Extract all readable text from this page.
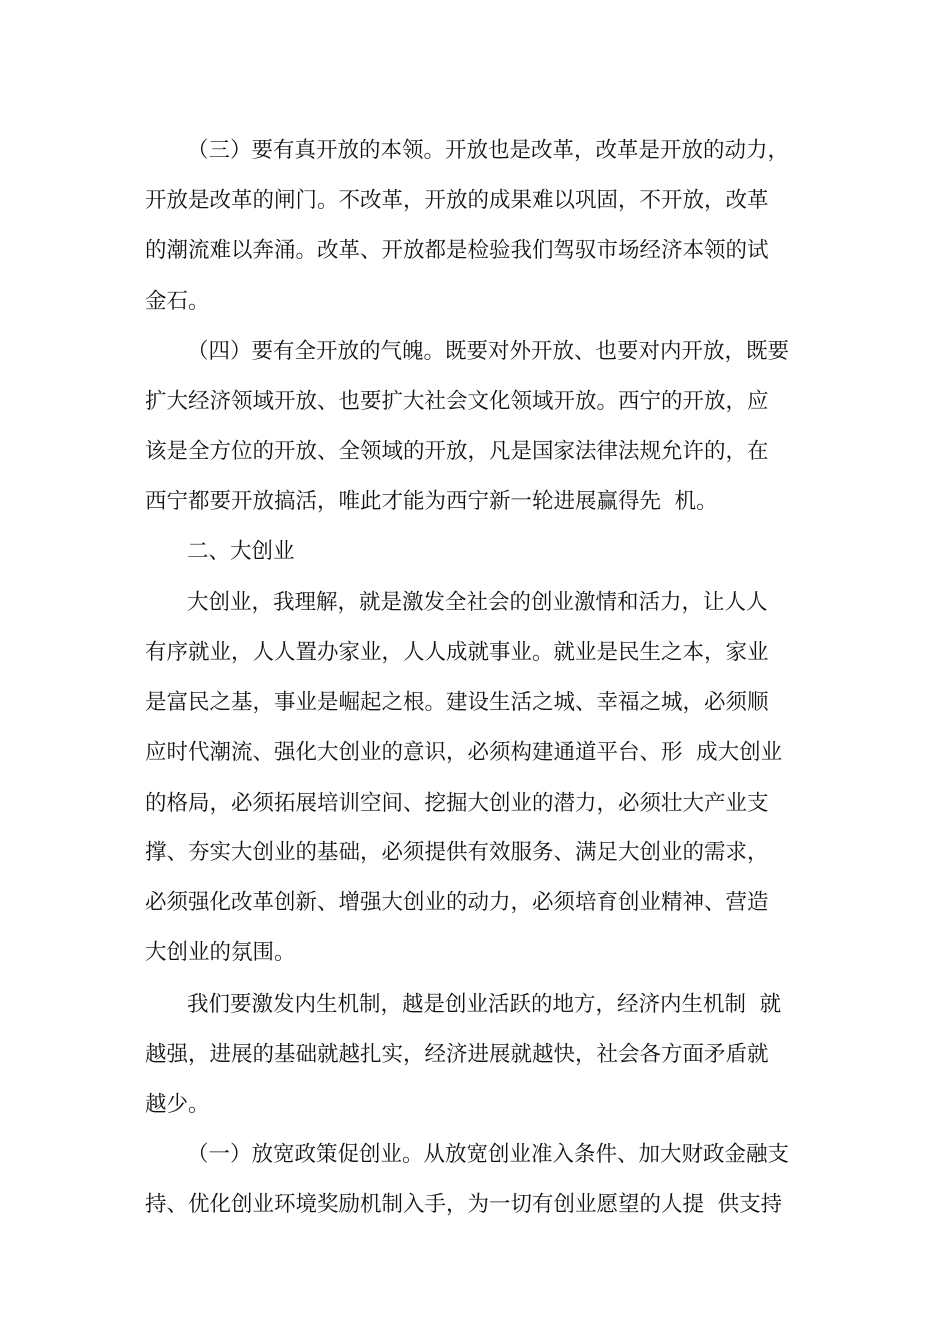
（三）要有真开放的本领。开放也是改革，改革是开放的动力，
开放是改革的闸门。不改革，开放的成果难以巩固，不开放，改革
的潮流难以奔涌。改革、开放都是检验我们驾驭市场经济本领的试
金石。
（四）要有全开放的气魄。既要对外开放、也要对内开放，既要
扩大经济领域开放、也要扩大社会文化领域开放。西宁的开放，应
该是全方位的开放、全领域的开放，凡是国家法律法规允许的，在
西宁都要开放搞活，唯此才能为西宁新一轮进展赢得先  机。
二、大创业
大创业，我理解，就是激发全社会的创业激情和活力，让人人
有序就业，人人置办家业，人人成就事业。就业是民生之本，家业
是富民之基，事业是崛起之根。建设生活之城、幸福之城，必须顺
应时代潮流、强化大创业的意识，必须构建通道平台、形  成大创业
的格局，必须拓展培训空间、挖掘大创业的潜力，必须壮大产业支
撑、夯实大创业的基础，必须提供有效服务、满足大创业的需求，
必须强化改革创新、增强大创业的动力，必须培育创业精神、营造
大创业的氛围。
我们要激发内生机制，越是创业活跃的地方，经济内生机制  就
越强，进展的基础就越扎实，经济进展就越快，社会各方面矛盾就
越少。
（一）放宽政策促创业。从放宽创业准入条件、加大财政金融支
持、优化创业环境奖励机制入手，为一切有创业愿望的人提  供支持
